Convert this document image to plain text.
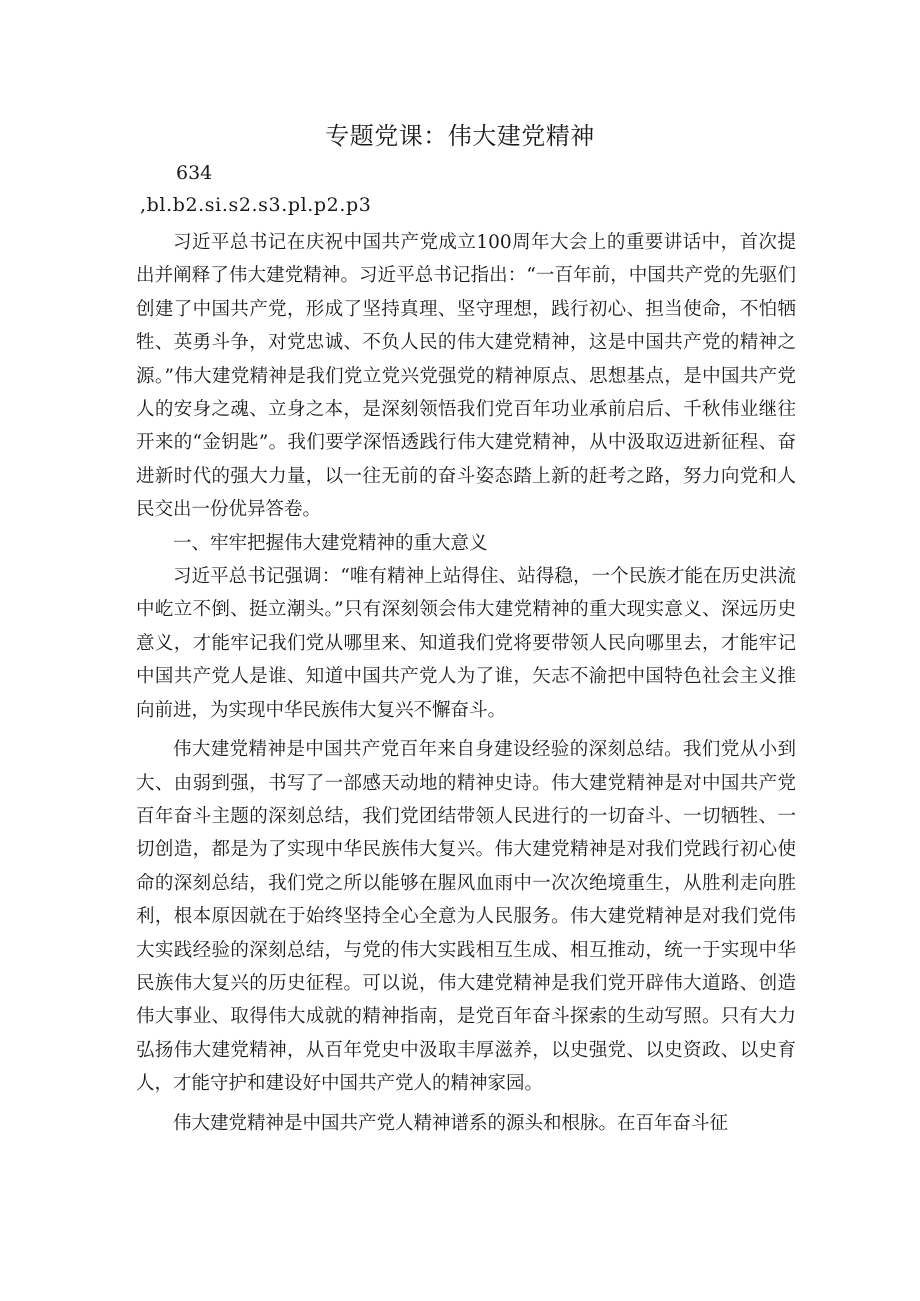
专题党课：伟大建党精神
634
,bl.b2.si.s2.s3.pl.p2.p3

习近平总书记在庆祝中国共产党成立100周年大会上的重要讲话中，首次提出并阐释了伟大建党精神。习近平总书记指出：“一百年前，中国共产党的先驱们创建了中国共产党，形成了坚持真理、坚守理想，践行初心、担当使命，不怕牺牲、英勇斗争，对党忠诚、不负人民的伟大建党精神，这是中国共产党的精神之源。”伟大建党精神是我们党立党兴党强党的精神原点、思想基点，是中国共产党人的安身之魂、立身之本，是深刻领悟我们党百年功业承前启后、千秋伟业继往开来的“金钥匙”。我们要学深悟透践行伟大建党精神，从中汲取迈进新征程、奋进新时代的强大力量，以一往无前的奋斗姿态踏上新的赶考之路，努力向党和人民交出一份优异答卷。

一、牢牢把握伟大建党精神的重大意义

习近平总书记强调：“唯有精神上站得住、站得稳，一个民族才能在历史洪流中屹立不倒、挺立潮头。”只有深刻领会伟大建党精神的重大现实意义、深远历史意义，才能牢记我们党从哪里来、知道我们党将要带领人民向哪里去，才能牢记中国共产党人是谁、知道中国共产党人为了谁，矢志不渝把中国特色社会主义推向前进，为实现中华民族伟大复兴不懈奋斗。

伟大建党精神是中国共产党百年来自身建设经验的深刻总结。我们党从小到大、由弱到强，书写了一部感天动地的精神史诗。伟大建党精神是对中国共产党百年奋斗主题的深刻总结，我们党团结带领人民进行的一切奋斗、一切牺牲、一切创造，都是为了实现中华民族伟大复兴。伟大建党精神是对我们党践行初心使命的深刻总结，我们党之所以能够在腥风血雨中一次次绝境重生，从胜利走向胜利，根本原因就在于始终坚持全心全意为人民服务。伟大建党精神是对我们党伟大实践经验的深刻总结，与党的伟大实践相互生成、相互推动，统一于实现中华民族伟大复兴的历史征程。可以说，伟大建党精神是我们党开辟伟大道路、创造伟大事业、取得伟大成就的精神指南，是党百年奋斗探索的生动写照。只有大力弘扬伟大建党精神，从百年党史中汲取丰厚滋养，以史强党、以史资政、以史育人，才能守护和建设好中国共产党人的精神家园。

伟大建党精神是中国共产党人精神谱系的源头和根脉。在百年奋斗征
